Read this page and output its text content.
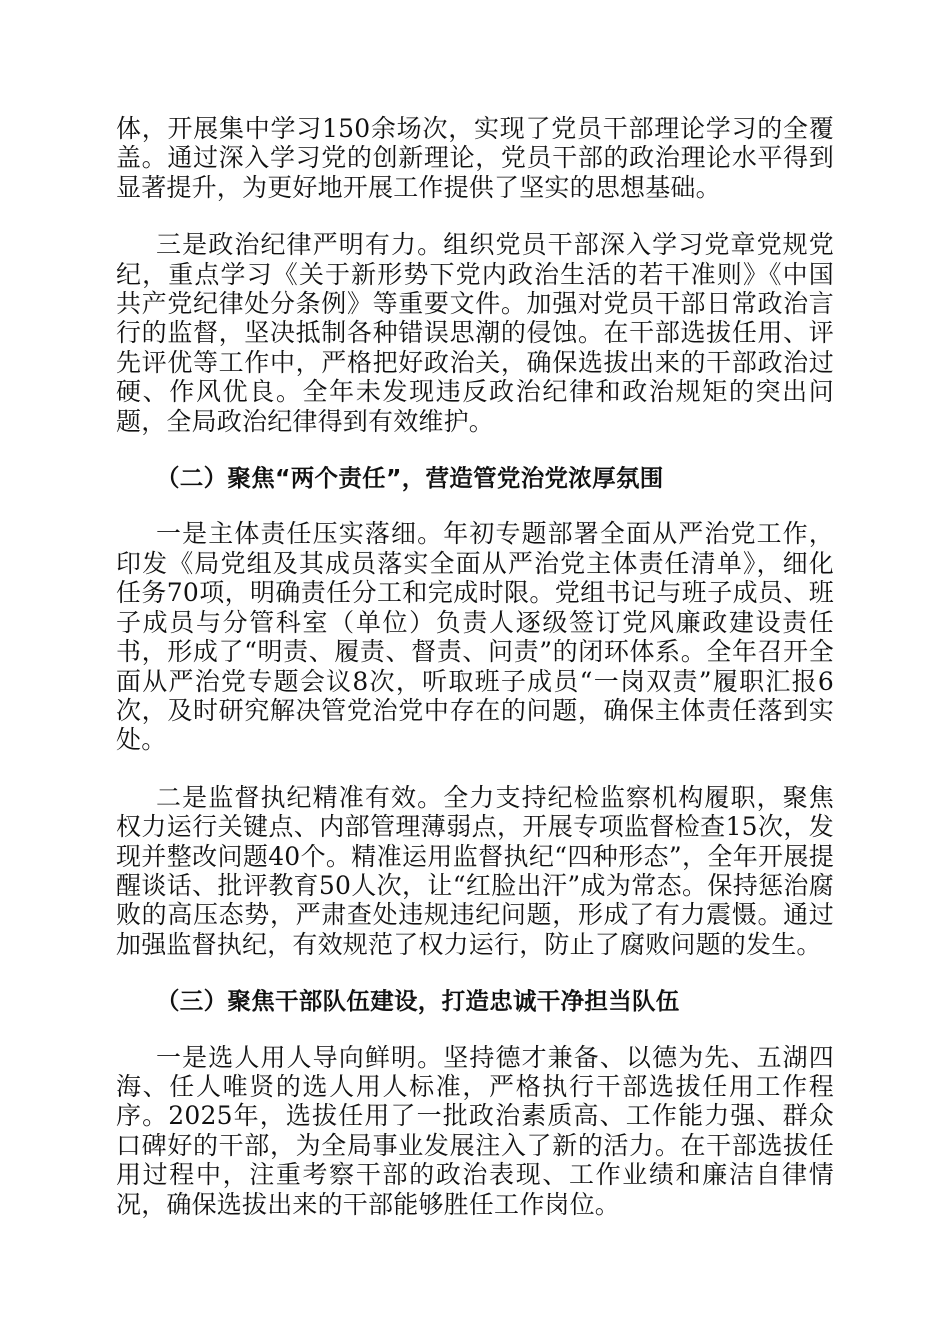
体，开展集中学习150余场次，实现了党员干部理论学习的全覆盖。通过深入学习党的创新理论，党员干部的政治理论水平得到显著提升，为更好地开展工作提供了坚实的思想基础。

三是政治纪律严明有力。组织党员干部深入学习党章党规党纪，重点学习《关于新形势下党内政治生活的若干准则》《中国共产党纪律处分条例》等重要文件。加强对党员干部日常政治言行的监督，坚决抵制各种错误思潮的侵蚀。在干部选拔任用、评先评优等工作中，严格把好政治关，确保选拔出来的干部政治过硬、作风优良。全年未发现违反政治纪律和政治规矩的突出问题，全局政治纪律得到有效维护。

（二）聚焦“两个责任”，营造管党治党浓厚氛围

一是主体责任压实落细。年初专题部署全面从严治党工作，印发《局党组及其成员落实全面从严治党主体责任清单》，细化任务70项，明确责任分工和完成时限。党组书记与班子成员、班子成员与分管科室（单位）负责人逐级签订党风廉政建设责任书，形成了“明责、履责、督责、问责”的闭环体系。全年召开全面从严治党专题会议8次，听取班子成员“一岗双责”履职汇报6次，及时研究解决管党治党中存在的问题，确保主体责任落到实处。

二是监督执纪精准有效。全力支持纪检监察机构履职，聚焦权力运行关键点、内部管理薄弱点，开展专项监督检查15次，发现并整改问题40个。精准运用监督执纪“四种形态”，全年开展提醒谈话、批评教育50人次，让“红脸出汗”成为常态。保持惩治腐败的高压态势，严肃查处违规违纪问题，形成了有力震慑。通过加强监督执纪，有效规范了权力运行，防止了腐败问题的发生。

（三）聚焦干部队伍建设，打造忠诚干净担当队伍

一是选人用人导向鲜明。坚持德才兼备、以德为先、五湖四海、任人唯贤的选人用人标准，严格执行干部选拔任用工作程序。2025年，选拔任用了一批政治素质高、工作能力强、群众口碑好的干部，为全局事业发展注入了新的活力。在干部选拔任用过程中，注重考察干部的政治表现、工作业绩和廉洁自律情况，确保选拔出来的干部能够胜任工作岗位。
